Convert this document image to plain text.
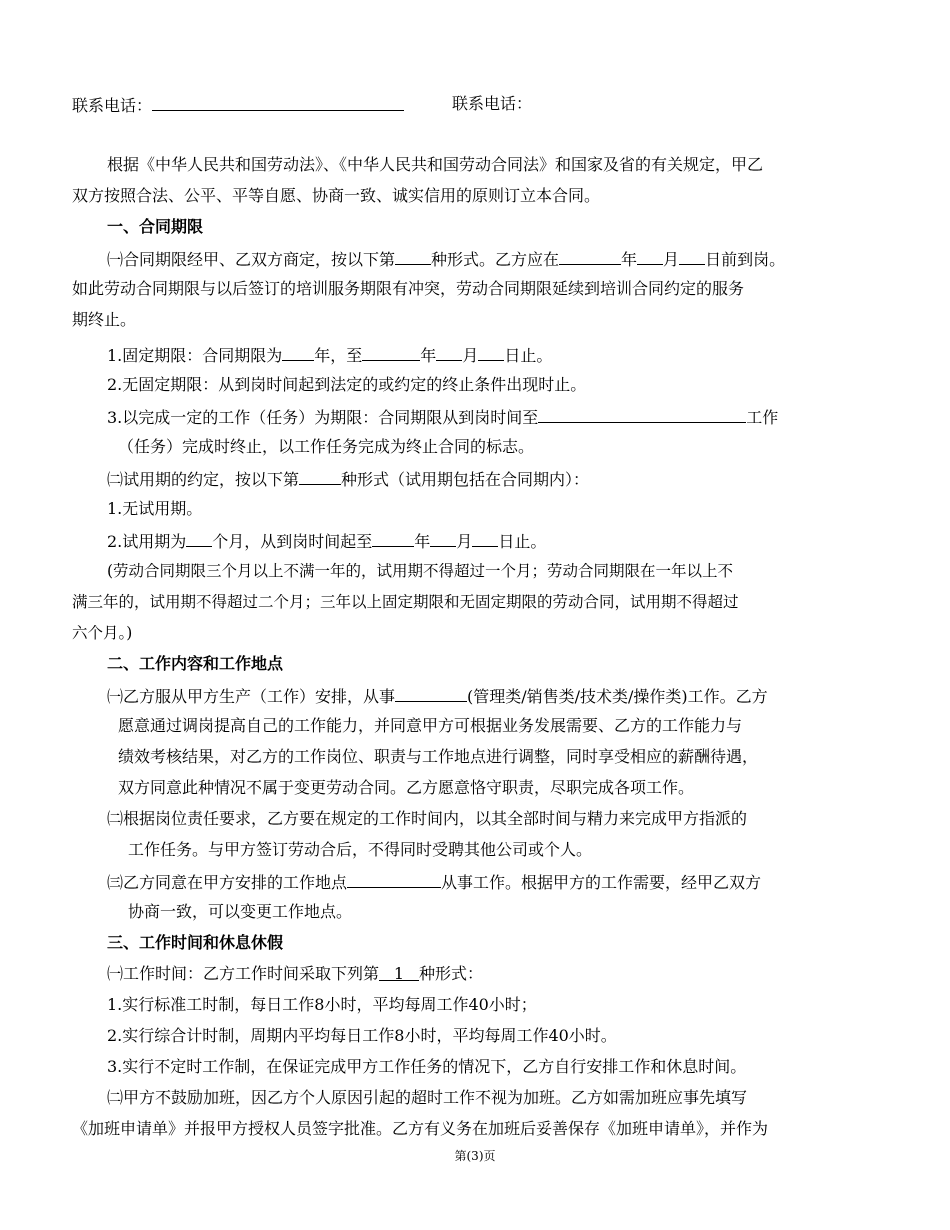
联系电话：	联系电话：
根据《中华人民共和国劳动法》、《中华人民共和国劳动合同法》和国家及省的有关规定，甲乙
双方按照合法、公平、平等自愿、协商一致、诚实信用的原则订立本合同。
一、合同期限
㈠合同期限经甲、乙双方商定，按以下第 种形式。乙方应在	年 月 日前到岗。
如此劳动合同期限与以后签订的培训服务期限有冲突，劳动合同期限延续到培训合同约定的服务
期终止。
1.固定期限：合同期限为 年，至	年 月 日止。
2.无固定期限：从到岗时间起到法定的或约定的终止条件出现时止。
3.以完成一定的工作（任务）为期限：合同期限从到岗时间至	工作
（任务）完成时终止，以工作任务完成为终止合同的标志。
㈡试用期的约定，按以下第	种形式（试用期包括在合同期内）：
1.无试用期。
2.试用期为 个月，从到岗时间起至	年 月 日止。
(劳动合同期限三个月以上不满一年的，试用期不得超过一个月；劳动合同期限在一年以上不
满三年的，试用期不得超过二个月；三年以上固定期限和无固定期限的劳动合同，试用期不得超过
六个月。)
二、工作内容和工作地点
㈠乙方服从甲方生产（工作）安排，从事	(管理类/销售类/技术类/操作类)工作。乙方
愿意通过调岗提高自己的工作能力，并同意甲方可根据业务发展需要、乙方的工作能力与
绩效考核结果，对乙方的工作岗位、职责与工作地点进行调整，同时享受相应的薪酬待遇，
双方同意此种情况不属于变更劳动合同。乙方愿意恪守职责，尽职完成各项工作。
㈡根据岗位责任要求，乙方要在规定的工作时间内，以其全部时间与精力来完成甲方指派的
工作任务。与甲方签订劳动合后，不得同时受聘其他公司或个人。
㈢乙方同意在甲方安排的工作地点	从事工作。根据甲方的工作需要，经甲乙双方
协商一致，可以变更工作地点。
三、工作时间和休息休假
㈠工作时间：乙方工作时间采取下列第 1 种形式：
1.实行标准工时制，每日工作8小时，平均每周工作40小时；
2.实行综合计时制，周期内平均每日工作8小时，平均每周工作40小时。
3.实行不定时工作制，在保证完成甲方工作任务的情况下，乙方自行安排工作和休息时间。
㈡甲方不鼓励加班，因乙方个人原因引起的超时工作不视为加班。乙方如需加班应事先填写
《加班申请单》并报甲方授权人员签字批准。乙方有义务在加班后妥善保存《加班申请单》，并作为
第(3)页
